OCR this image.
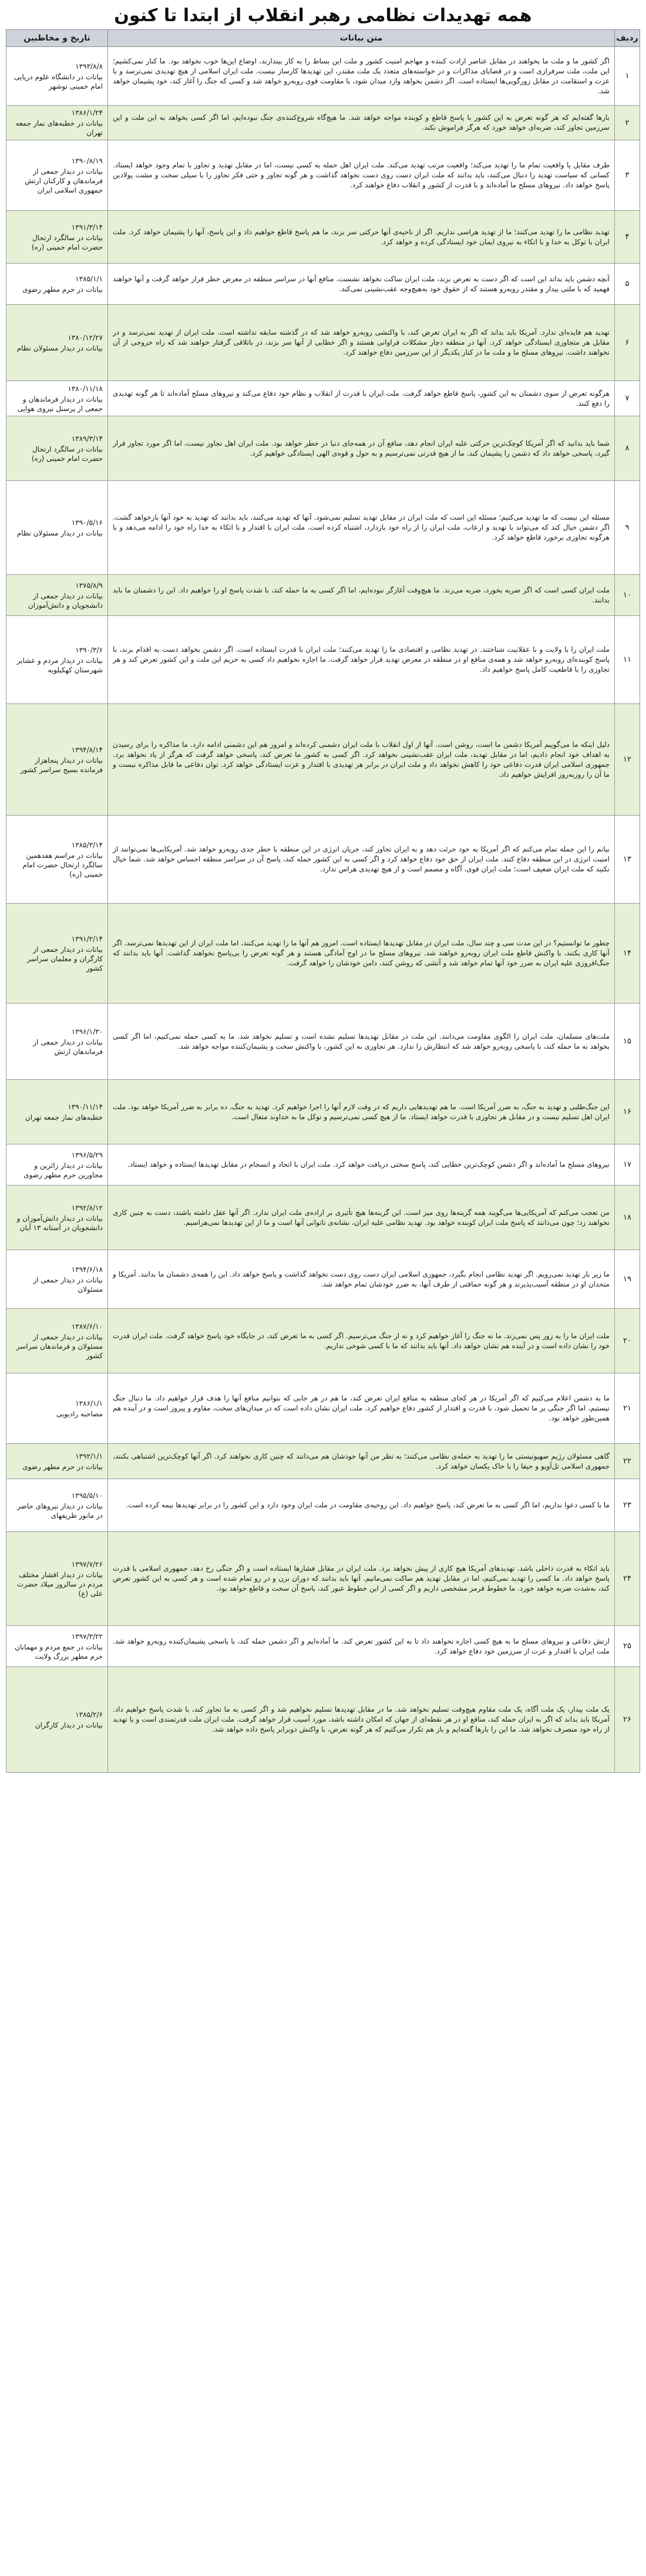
همه تهدیدات نظامی رهبر انقلاب از ابتدا تا کنون
ردیف	متن بیانات	تاریخ و مخاطبین
۱	اگر کشور ما و ملت ما بخواهند در مقابل عناصر ارادت کننده و مهاجم امنیت کشور و ملت این بساط را به کار بیندازند، اوضاع این‌ها خوب نخواهد بود. ما کنار نمی‌کشیم؛ این ملت، ملت سرفرازی است و در قضایای مذاکرات و در خواسته‌های متعدد یک ملت مقتدر، این تهدیدها کارساز نیست. ملت ایران اسلامی از هیچ تهدیدی نمی‌ترسد و با عزت و استقامت در مقابل زورگویی‌ها ایستاده است. اگر دشمن بخواهد وارد میدان شود، با مقاومت قوی روبه‌رو خواهد شد و کسی که جنگ را آغاز کند، خود پشیمان خواهد شد.	۱۳۹۳/۸/۸
بیانات در دانشگاه علوم دریایی امام خمینی نوشهر
۲	بارها گفته‌ایم که هر گونه تعرض به این کشور با پاسخ قاطع و کوبنده مواجه خواهد شد. ما هیچ‌گاه شروع‌کننده‌ی جنگ نبوده‌ایم، اما اگر کسی بخواهد به این ملت و این سرزمین تجاوز کند، ضربه‌ای خواهد خورد که هرگز فراموش نکند.	۱۳۸۶/۱/۲۴
بیانات در خطبه‌های نماز جمعه تهران
۳	طرف مقابل یا واقعیت تمام ما را تهدید می‌کند؛ واقعیت مرتب تهدید می‌کند. ملت ایران اهل حمله به کسی نیست، اما در مقابل تهدید و تجاوز با تمام وجود خواهد ایستاد. کسانی که سیاست تهدید را دنبال می‌کنند، باید بدانند که ملت ایران دست روی دست نخواهد گذاشت و هر گونه تجاوز و حتی فکر تجاوز را با سیلی سخت و مشت پولادین پاسخ خواهد داد. نیروهای مسلح ما آماده‌اند و با قدرت از کشور و انقلاب دفاع خواهند کرد.	۱۳۹۰/۸/۱۹
بیانات در دیدار جمعی از فرماندهان و کارکنان ارتش جمهوری اسلامی ایران
۴	تهدید نظامی ما را تهدید می‌کنند؛ ما از تهدید هراسی نداریم. اگر از ناحیه‌ی آنها حرکتی سر بزند، ما هم پاسخ قاطع خواهیم داد و این پاسخ، آنها را پشیمان خواهد کرد. ملت ایران با توکل به خدا و با اتکاء به نیروی ایمان خود ایستادگی کرده و خواهد کرد.	۱۳۹۱/۳/۱۴
بیانات در سالگرد ارتحال حضرت امام خمینی (ره)
۵	آنچه دشمن باید بداند این است که اگر دست به تعرض بزند، ملت ایران ساکت نخواهد نشست. منافع آنها در سراسر منطقه در معرض خطر قرار خواهد گرفت و آنها خواهند فهمید که با ملتی بیدار و مقتدر روبه‌رو هستند که از حقوق خود به‌هیچ‌وجه عقب‌نشینی نمی‌کند.	۱۳۸۵/۱/۱
بیانات در حرم مطهر رضوی
۶	تهدید هم فایده‌ای ندارد. آمریکا باید بداند که اگر به ایران تعرض کند، با واکنشی روبه‌رو خواهد شد که در گذشته سابقه نداشته است. ملت ایران از تهدید نمی‌ترسد و در مقابل هر متجاوزی ایستادگی خواهد کرد. آنها در منطقه دچار مشکلات فراوانی هستند و اگر خطایی از آنها سر بزند، در باتلاقی گرفتار خواهند شد که راه خروجی از آن نخواهند داشت. نیروهای مسلح ما و ملت ما در کنار یکدیگر از این سرزمین دفاع خواهند کرد.	۱۳۸۰/۱۲/۲۷
بیانات در دیدار مسئولان نظام
۷	هرگونه تعرض از سوی دشمنان به این کشور، پاسخ قاطع خواهد گرفت. ملت ایران با قدرت از انقلاب و نظام خود دفاع می‌کند و نیروهای مسلح آماده‌اند تا هر گونه تهدیدی را دفع کنند.	۱۳۸۰/۱۱/۱۸
بیانات در دیدار فرماندهان و جمعی از پرسنل نیروی هوایی
۸	شما باید بدانید که اگر آمریکا کوچک‌ترین حرکتی علیه ایران انجام دهد، منافع آن در همه‌جای دنیا در خطر خواهد بود. ملت ایران اهل تجاوز نیست، اما اگر مورد تجاوز قرار گیرد، پاسخی خواهد داد که دشمن را پشیمان کند. ما از هیچ قدرتی نمی‌ترسیم و به حول و قوه‌ی الهی ایستادگی خواهیم کرد.	۱۳۸۹/۳/۱۴
بیانات در سالگرد ارتحال حضرت امام خمینی (ره)
۹	مسئله این نیست که ما تهدید می‌کنیم؛ مسئله این است که ملت ایران در مقابل تهدید تسلیم نمی‌شود. آنها که تهدید می‌کنند، باید بدانند که تهدید به خود آنها بازخواهد گشت. اگر دشمن خیال کند که می‌تواند با تهدید و ارعاب، ملت ایران را از راه خود بازدارد، اشتباه کرده است. ملت ایران با اقتدار و با اتکاء به خدا راه خود را ادامه می‌دهد و با هرگونه تجاوزی برخورد قاطع خواهد کرد.	۱۳۹۰/۵/۱۶
بیانات در دیدار مسئولان نظام
۱۰	ملت ایران کسی است که اگر ضربه بخورد، ضربه می‌زند. ما هیچ‌وقت آغازگر نبوده‌ایم، اما اگر کسی به ما حمله کند، با شدت پاسخ او را خواهیم داد. این را دشمنان ما باید بدانند.	۱۳۷۵/۸/۹
بیانات در دیدار جمعی از دانشجویان و دانش‌آموزان
۱۱	ملت ایران را با ولایت و با عقلانیت شناختند. در تهدید نظامی و اقتصادی ما را تهدید می‌کنند؛ ملت ایران با قدرت ایستاده است. اگر دشمن بخواهد دست به اقدام بزند، با پاسخ کوبنده‌ای روبه‌رو خواهد شد و همه‌ی منافع او در منطقه در معرض تهدید قرار خواهد گرفت. ما اجازه نخواهیم داد کسی به حریم این ملت و این کشور تعرض کند و هر تجاوزی را با قاطعیت کامل پاسخ خواهیم داد.	۱۳۹۰/۳/۶
بیانات در دیدار مردم و عشایر شهرستان کهکیلویه
۱۲	دلیل اینکه ما می‌گوییم آمریکا دشمن ما است، روشن است. آنها از اول انقلاب با ملت ایران دشمنی کرده‌اند و امروز هم این دشمنی ادامه دارد. ما مذاکره را برای رسیدن به اهداف خود انجام دادیم، اما در مقابل تهدید، ملت ایران عقب‌نشینی نخواهد کرد. اگر کسی به کشور ما تعرض کند، پاسخی خواهد گرفت که هرگز از یاد نخواهد برد. جمهوری اسلامی ایران قدرت دفاعی خود را کاهش نخواهد داد و ملت ایران در برابر هر تهدیدی با اقتدار و عزت ایستادگی خواهد کرد. توان دفاعی ما قابل مذاکره نیست و ما آن را روزبه‌روز افزایش خواهیم داد.	۱۳۹۴/۸/۱۴
بیانات در دیدار پنجاهزار فرمانده بسیج سراسر کشور
۱۳	بیانم را این جمله تمام می‌کنم که اگر آمریکا به خود جرئت دهد و به ایران تجاوز کند، جریان انرژی در این منطقه با خطر جدی روبه‌رو خواهد شد. آمریکایی‌ها نمی‌توانند از امنیت انرژی در این منطقه دفاع کنند. ملت ایران از حق خود دفاع خواهد کرد و اگر کسی به این کشور حمله کند، پاسخ آن در سراسر منطقه احساس خواهد شد. شما خیال نکنید که ملت ایران ضعیف است؛ ملت ایران قوی، آگاه و مصمم است و از هیچ تهدیدی هراس ندارد.	۱۳۸۵/۳/۱۴
بیانات در مراسم هفدهمین سالگرد ارتحال حضرت امام خمینی (ره)
۱۴	چطور ما توانستیم؟ در این مدت سی و چند سال، ملت ایران در مقابل تهدیدها ایستاده است. امروز هم آنها ما را تهدید می‌کنند، اما ملت ایران از این تهدیدها نمی‌ترسد. اگر آنها کاری بکنند، با واکنش قاطع ملت ایران روبه‌رو خواهند شد. نیروهای مسلح ما در اوج آمادگی هستند و هر گونه تعرض را بی‌پاسخ نخواهند گذاشت. آنها باید بدانند که جنگ‌افروزی علیه ایران به ضرر خود آنها تمام خواهد شد و آتشی که روشن کنند، دامن خودشان را خواهد گرفت.	۱۳۹۱/۲/۱۴
بیانات در دیدار جمعی از کارگران و معلمان سراسر کشور
۱۵	ملت‌های مسلمان، ملت ایران را الگوی مقاومت می‌دانند. این ملت در مقابل تهدیدها تسلیم نشده است و تسلیم نخواهد شد. ما به کسی حمله نمی‌کنیم، اما اگر کسی بخواهد به ما حمله کند، با پاسخی روبه‌رو خواهد شد که انتظارش را ندارد. هر تجاوزی به این کشور، با واکنش سخت و پشیمان‌کننده مواجه خواهد شد.	۱۳۹۶/۱/۳۰
بیانات در دیدار جمعی از فرماندهان ارتش
۱۶	این جنگ‌طلبی و تهدید به جنگ، به ضرر آمریکا است. ما هم تهدیدهایی داریم که در وقت لازم آنها را اجرا خواهیم کرد. تهدید به جنگ، ده برابر به ضرر آمریکا خواهد بود. ملت ایران اهل تسلیم نیست و در مقابل هر تجاوزی با قدرت خواهد ایستاد. ما از هیچ کسی نمی‌ترسیم و توکل ما به خداوند متعال است.	۱۳۹۰/۱۱/۱۴
خطبه‌های نماز جمعه تهران
۱۷	نیروهای مسلح ما آماده‌اند و اگر دشمن کوچک‌ترین خطایی کند، پاسخ سختی دریافت خواهد کرد. ملت ایران با اتحاد و انسجام در مقابل تهدیدها ایستاده و خواهد ایستاد.	۱۳۹۶/۵/۲۹
بیانات در دیدار زائرین و مجاورین حرم مطهر رضوی
۱۸	من تعجب می‌کنم که آمریکایی‌ها می‌گویند همه گزینه‌ها روی میز است. این گزینه‌ها هیچ تأثیری بر اراده‌ی ملت ایران ندارد. اگر آنها عقل داشته باشند، دست به چنین کاری نخواهند زد؛ چون می‌دانند که پاسخ ملت ایران کوبنده خواهد بود. تهدید نظامی علیه ایران، نشانه‌ی ناتوانی آنها است و ما از این تهدیدها نمی‌هراسیم.	۱۳۹۲/۸/۱۲
بیانات در دیدار دانش‌آموزان و دانشجویان در آستانه ۱۳ آبان
۱۹	ما زیر بار تهدید نمی‌رویم. اگر تهدید نظامی انجام بگیرد، جمهوری اسلامی ایران دست روی دست نخواهد گذاشت و پاسخ خواهد داد. این را همه‌ی دشمنان ما بدانند. آمریکا و متحدان او در منطقه آسیب‌پذیرند و هر گونه حماقتی از طرف آنها، به ضرر خودشان تمام خواهد شد.	۱۳۹۴/۶/۱۸
بیانات در دیدار جمعی از مسئولان
۲۰	ملت ایران ما را به زور پس نمی‌زند. ما نه جنگ را آغاز خواهیم کرد و نه از جنگ می‌ترسیم. اگر کسی به ما تعرض کند، در جایگاه خود پاسخ خواهد گرفت. ملت ایران قدرت خود را نشان داده است و در آینده هم نشان خواهد داد. آنها باید بدانند که ما با کسی شوخی نداریم.	۱۳۸۷/۶/۱۰
بیانات در دیدار جمعی از مسئولان و فرماندهان سراسر کشور
۲۱	ما به دشمن اعلام می‌کنیم که اگر آمریکا در هر کجای منطقه به منافع ایران تعرض کند، ما هم در هر جایی که بتوانیم منافع آنها را هدف قرار خواهیم داد. ما دنبال جنگ نیستیم، اما اگر جنگی بر ما تحمیل شود، با قدرت و اقتدار از کشور دفاع خواهیم کرد. ملت ایران نشان داده است که در میدان‌های سخت، مقاوم و پیروز است و در آینده هم همین‌طور خواهد بود.	۱۳۸۶/۱/۱
مصاحبه رادیویی
۲۲	گاهی مسئولان رژیم صهیونیستی ما را تهدید به حمله‌ی نظامی می‌کنند؛ به نظر من آنها خودشان هم می‌دانند که چنین کاری نخواهند کرد. اگر آنها کوچک‌ترین اشتباهی بکنند، جمهوری اسلامی تل‌آویو و حیفا را با خاک یکسان خواهد کرد.	۱۳۹۲/۱/۱
بیانات در حرم مطهر رضوی
۲۳	ما با کسی دعوا نداریم، اما اگر کسی به ما تعرض کند، پاسخ خواهیم داد. این روحیه‌ی مقاومت در ملت ایران وجود دارد و این کشور را در برابر تهدیدها بیمه کرده است.	۱۳۹۵/۵/۱۰
بیانات در دیدار نیروهای حاضر در مانور ظریفهای
۲۴	باید اتکاء به قدرت داخلی باشد. تهدیدهای آمریکا هیچ کاری از پیش نخواهد برد. ملت ایران در مقابل فشارها ایستاده است و اگر جنگی رخ دهد، جمهوری اسلامی با قدرت پاسخ خواهد داد. ما کسی را تهدید نمی‌کنیم، اما در مقابل تهدید هم ساکت نمی‌مانیم. آنها باید بدانند که دوران بزن و در رو تمام شده است و هر کسی به این کشور تعرض کند، به‌شدت ضربه خواهد خورد. ما خطوط قرمز مشخصی داریم و اگر کسی از این خطوط عبور کند، پاسخ آن سخت و قاطع خواهد بود.	۱۳۹۷/۷/۲۶
بیانات در دیدار اقشار مختلف مردم در سالروز میلاد حضرت علی (ع)
۲۵	ارتش دفاعی و نیروهای مسلح ما به هیچ کسی اجازه نخواهند داد تا به این کشور تعرض کند. ما آماده‌ایم و اگر دشمن حمله کند، با پاسخی پشیمان‌کننده روبه‌رو خواهد شد. ملت ایران با اقتدار و عزت از سرزمین خود دفاع خواهد کرد.	۱۳۹۷/۳/۲۲
بیانات در جمع مردم و مهمانان حرم مطهر بزرگ ولایت
۲۶	یک ملت بیدار، یک ملت آگاه، یک ملت مقاوم هیچ‌وقت تسلیم نخواهد شد. ما در مقابل تهدیدها تسلیم نخواهیم شد و اگر کسی به ما تجاوز کند، با شدت پاسخ خواهیم داد. آمریکا باید بداند که اگر به ایران حمله کند، منافع او در هر نقطه‌ای از جهان که امکان داشته باشد، مورد آسیب قرار خواهد گرفت. ملت ایران ملت قدرتمندی است و با تهدید از راه خود منصرف نخواهد شد. ما این را بارها گفته‌ایم و باز هم تکرار می‌کنیم که هر گونه تعرض، با واکنش دوبرابر پاسخ داده خواهد شد.	۱۳۸۵/۲/۶
بیانات در دیدار کارگران
